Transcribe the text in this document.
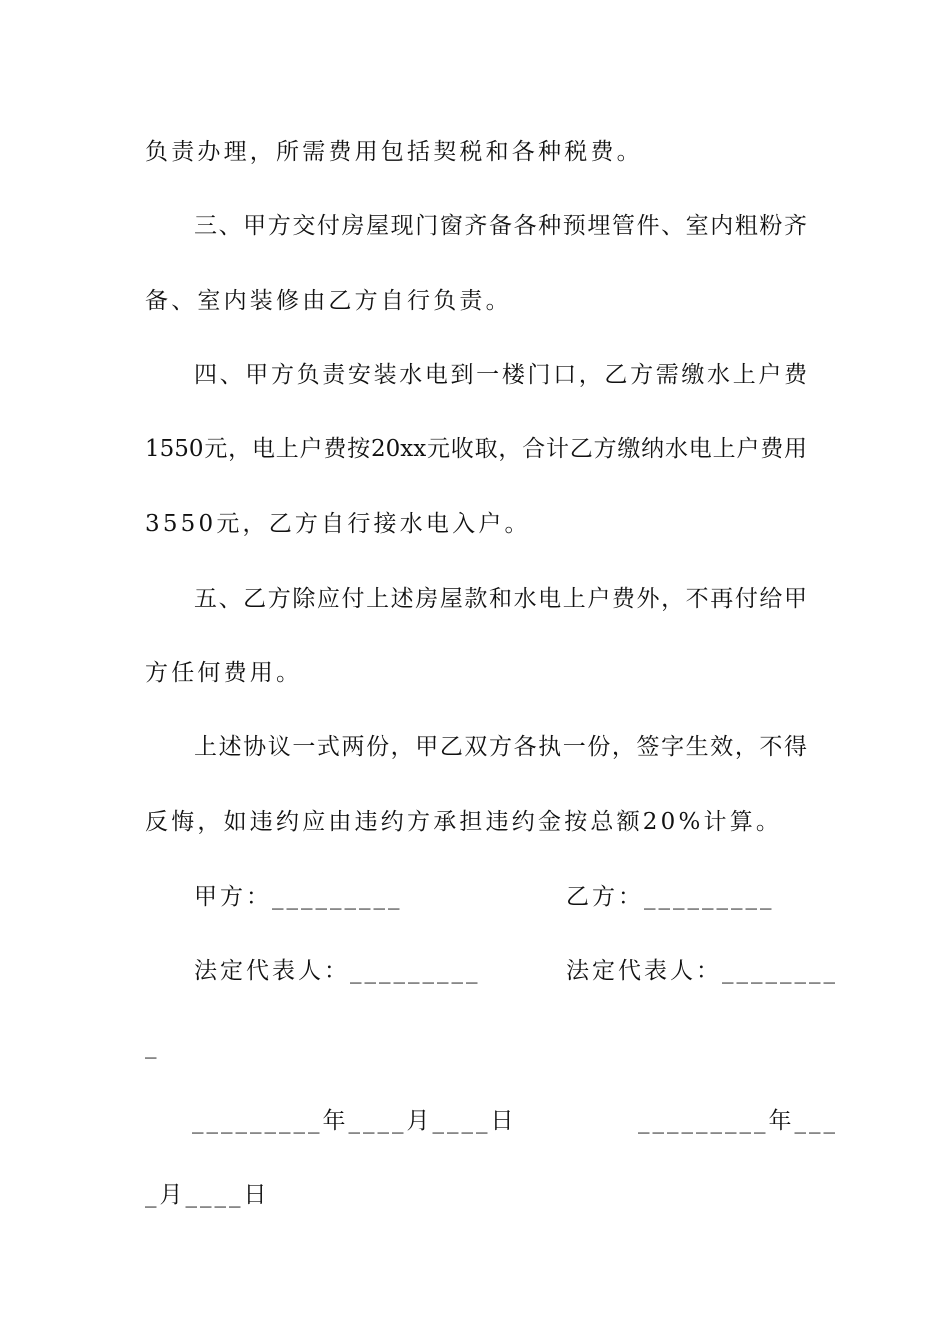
负责办理，所需费用包括契税和各种税费。
三、甲方交付房屋现门窗齐备各种预埋管件、室内粗粉齐
备、室内装修由乙方自行负责。
四、甲方负责安装水电到一楼门口，乙方需缴水上户费
1550元，电上户费按20xx元收取，合计乙方缴纳水电上户费用
3550元，乙方自行接水电入户。
五、乙方除应付上述房屋款和水电上户费外，不再付给甲
方任何费用。
上述协议一式两份，甲乙双方各执一份，签字生效，不得
反悔，如违约应由违约方承担违约金按总额20%计算。
甲方：_________	乙方：_________
法定代表人：_________	法定代表人：________
_
_________年____月____日	_________年___
_月____日
